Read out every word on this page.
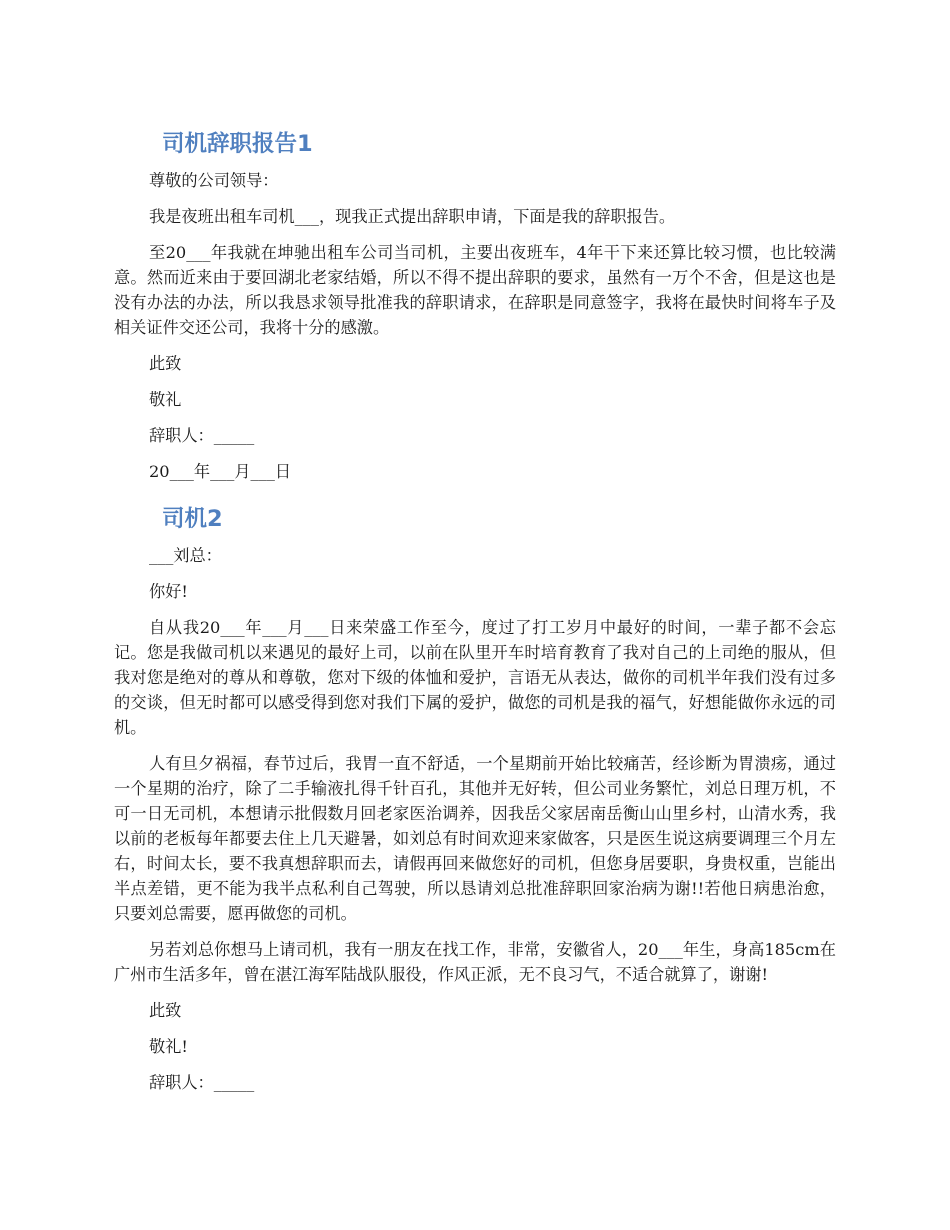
司机辞职报告1

尊敬的公司领导：

我是夜班出租车司机___，现我正式提出辞职申请，下面是我的辞职报告。

至20___年我就在坤驰出租车公司当司机，主要出夜班车，4年干下来还算比较习惯，也比较满意。然而近来由于要回湖北老家结婚，所以不得不提出辞职的要求，虽然有一万个不舍，但是这也是没有办法的办法，所以我恳求领导批准我的辞职请求，在辞职是同意签字，我将在最快时间将车子及相关证件交还公司，我将十分的感激。

此致

敬礼

辞职人：_____

20___年___月___日

司机2

___刘总：

你好!

自从我20___年___月___日来荣盛工作至今，度过了打工岁月中最好的时间，一辈子都不会忘记。您是我做司机以来遇见的最好上司，以前在队里开车时培育教育了我对自己的上司绝的服从，但我对您是绝对的尊从和尊敬，您对下级的体恤和爱护，言语无从表达，做你的司机半年我们没有过多的交谈，但无时都可以感受得到您对我们下属的爱护，做您的司机是我的福气，好想能做你永远的司机。

人有旦夕祸福，春节过后，我胃一直不舒适，一个星期前开始比较痛苦，经诊断为胃溃疡，通过一个星期的治疗，除了二手输液扎得千针百孔，其他并无好转，但公司业务繁忙，刘总日理万机，不可一日无司机，本想请示批假数月回老家医治调养，因我岳父家居南岳衡山山里乡村，山清水秀，我以前的老板每年都要去住上几天避暑，如刘总有时间欢迎来家做客，只是医生说这病要调理三个月左右，时间太长，要不我真想辞职而去，请假再回来做您好的司机，但您身居要职，身贵权重，岂能出半点差错，更不能为我半点私利自己驾驶，所以恳请刘总批准辞职回家治病为谢!!若他日病患治愈，只要刘总需要，愿再做您的司机。

另若刘总你想马上请司机，我有一朋友在找工作，非常，安徽省人，20___年生，身高185cm在广州市生活多年，曾在湛江海军陆战队服役，作风正派，无不良习气，不适合就算了，谢谢!

此致

敬礼!

辞职人：_____
